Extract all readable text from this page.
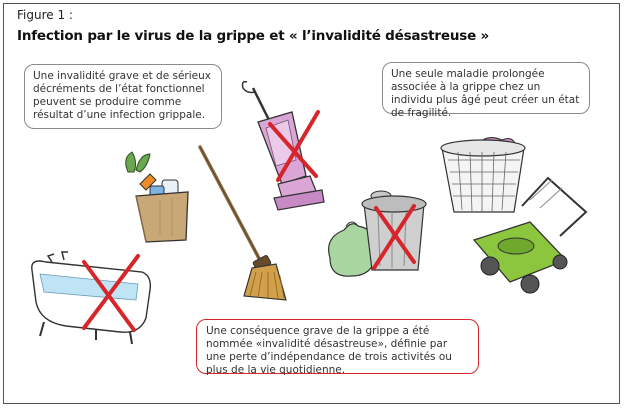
Figure 1 :
Infection par le virus de la grippe et « l’invalidité désastreuse »
Une invalidité grave et de sérieux décréments de l’état fonctionnel peuvent se produire comme résultat d’une infection grippale.
Une seule maladie prolongée associée à la grippe chez un individu plus âgé peut créer un état de fragilité.
Une conséquence grave de la grippe a été nommée «invalidité désastreuse», définie par une perte d’indépendance de trois activités ou plus de la vie quotidienne.
